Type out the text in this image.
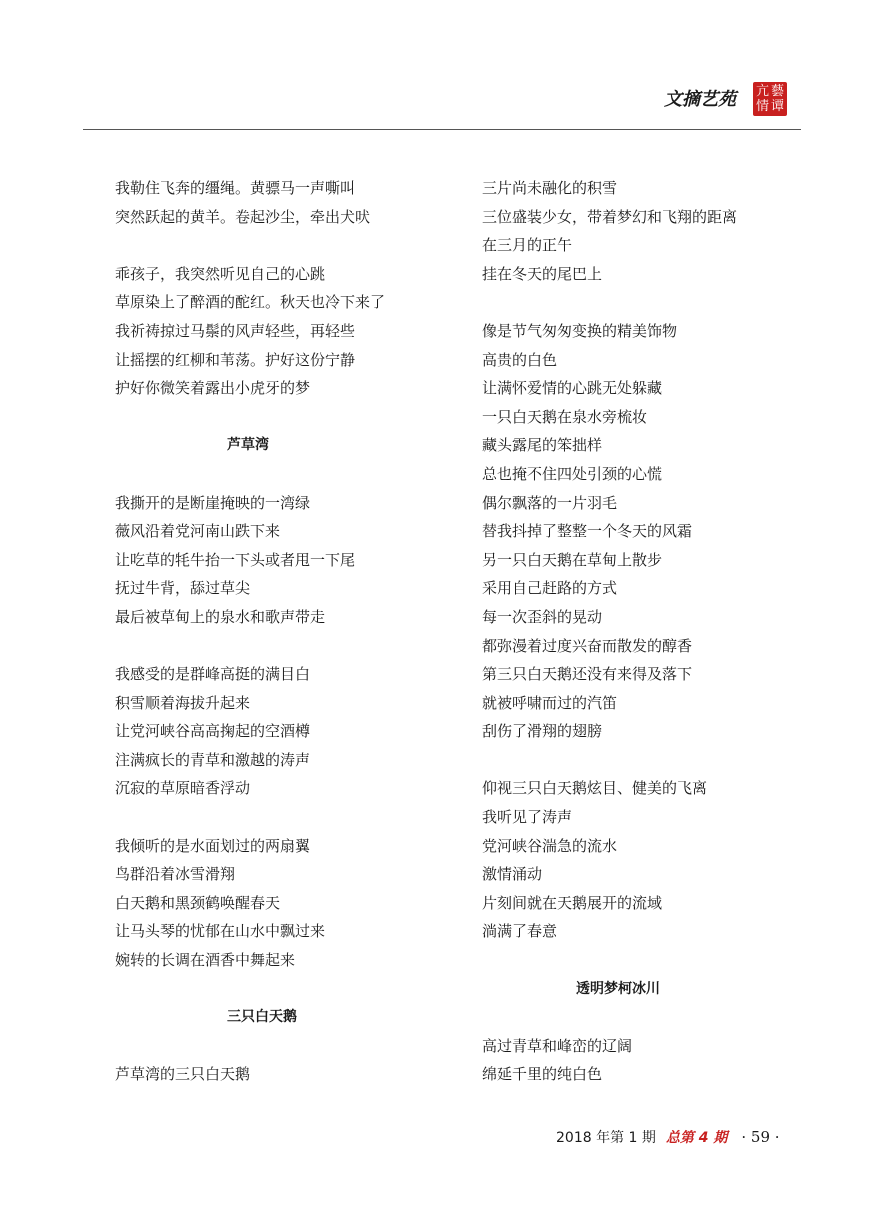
文摘艺苑 亢 藝
情 谭
我勒住飞奔的缰绳。黄骠马一声嘶叫
突然跃起的黄羊。卷起沙尘，牵出犬吠
乖孩子，我突然听见自己的心跳
草原染上了醉酒的酡红。秋天也冷下来了
我祈祷掠过马鬃的风声轻些，再轻些
让摇摆的红柳和苇荡。护好这份宁静
护好你微笑着露出小虎牙的梦
芦草湾
我撕开的是断崖掩映的一湾绿
薇风沿着党河南山跌下来
让吃草的牦牛抬一下头或者甩一下尾
抚过牛背，舔过草尖
最后被草甸上的泉水和歌声带走
我感受的是群峰高挺的满目白
积雪顺着海拔升起来
让党河峡谷高高掬起的空酒樽
注满疯长的青草和激越的涛声
沉寂的草原暗香浮动
我倾听的是水面划过的两扇翼
鸟群沿着冰雪滑翔
白天鹅和黑颈鹤唤醒春天
让马头琴的忧郁在山水中飘过来
婉转的长调在酒香中舞起来
三只白天鹅
芦草湾的三只白天鹅
三片尚未融化的积雪
三位盛装少女，带着梦幻和飞翔的距离
在三月的正午
挂在冬天的尾巴上
像是节气匆匆变换的精美饰物
高贵的白色
让满怀爱情的心跳无处躲藏
一只白天鹅在泉水旁梳妆
藏头露尾的笨拙样
总也掩不住四处引颈的心慌
偶尔飘落的一片羽毛
替我抖掉了整整一个冬天的风霜
另一只白天鹅在草甸上散步
采用自己赶路的方式
每一次歪斜的晃动
都弥漫着过度兴奋而散发的醇香
第三只白天鹅还没有来得及落下
就被呼啸而过的汽笛
刮伤了滑翔的翅膀
仰视三只白天鹅炫目、健美的飞离
我听见了涛声
党河峡谷湍急的流水
激情涌动
片刻间就在天鹅展开的流域
淌满了春意
透明梦柯冰川
高过青草和峰峦的辽阔
绵延千里的纯白色
2018 年第 1 期 总第 4 期 · 59 ·
